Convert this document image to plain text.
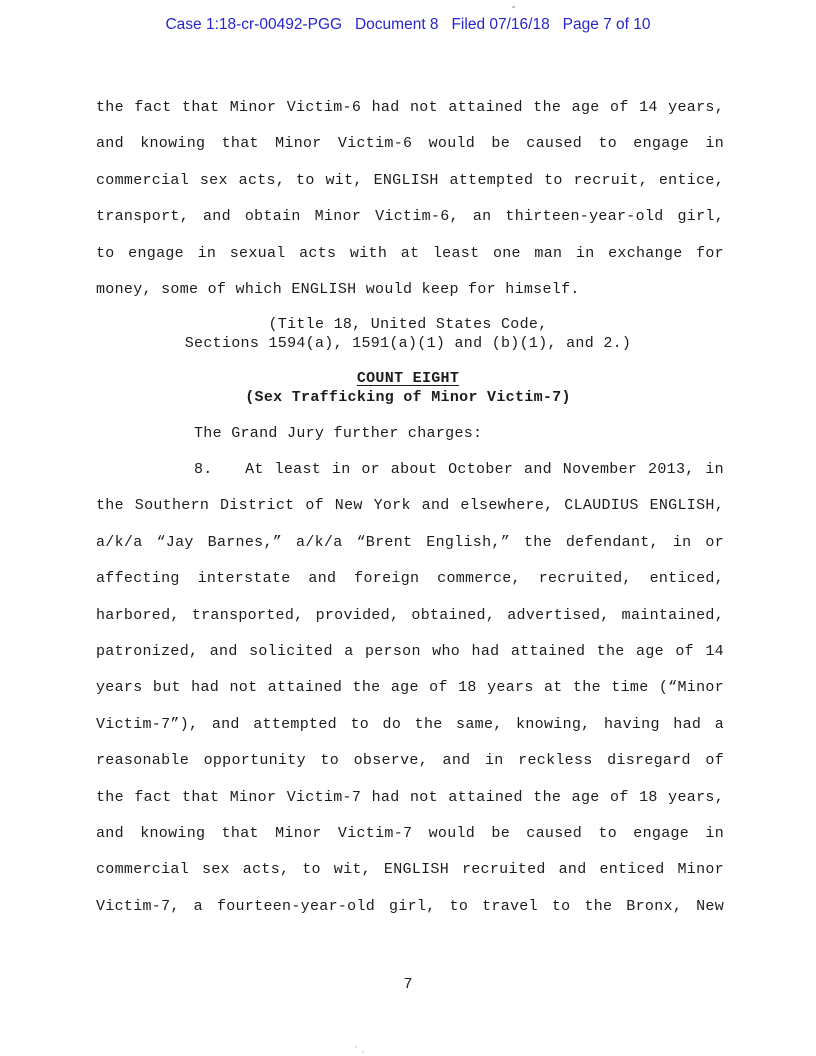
Case 1:18-cr-00492-PGG   Document 8   Filed 07/16/18   Page 7 of 10
the fact that Minor Victim-6 had not attained the age of 14 years,
and knowing that Minor Victim-6 would be caused to engage in
commercial sex acts, to wit, ENGLISH attempted to recruit, entice,
transport, and obtain Minor Victim-6, an thirteen-year-old girl,
to engage in sexual acts with at least one man in exchange for
money, some of which ENGLISH would keep for himself.
(Title 18, United States Code,
Sections 1594(a), 1591(a)(1) and (b)(1), and 2.)
COUNT EIGHT
(Sex Trafficking of Minor Victim-7)
The Grand Jury further charges:
8.   At least in or about October and November 2013, in
the Southern District of New York and elsewhere, CLAUDIUS ENGLISH,
a/k/a “Jay Barnes,” a/k/a “Brent English,” the defendant, in or
affecting interstate and foreign commerce, recruited, enticed,
harbored, transported, provided, obtained, advertised, maintained,
patronized, and solicited a person who had attained the age of 14
years but had not attained the age of 18 years at the time (“Minor
Victim-7”), and attempted to do the same, knowing, having had a
reasonable opportunity to observe, and in reckless disregard of
the fact that Minor Victim-7 had not attained the age of 18 years,
and knowing that Minor Victim-7 would be caused to engage in
commercial sex acts, to wit, ENGLISH recruited and enticed Minor
Victim-7, a fourteen-year-old girl, to travel to the Bronx, New
7
